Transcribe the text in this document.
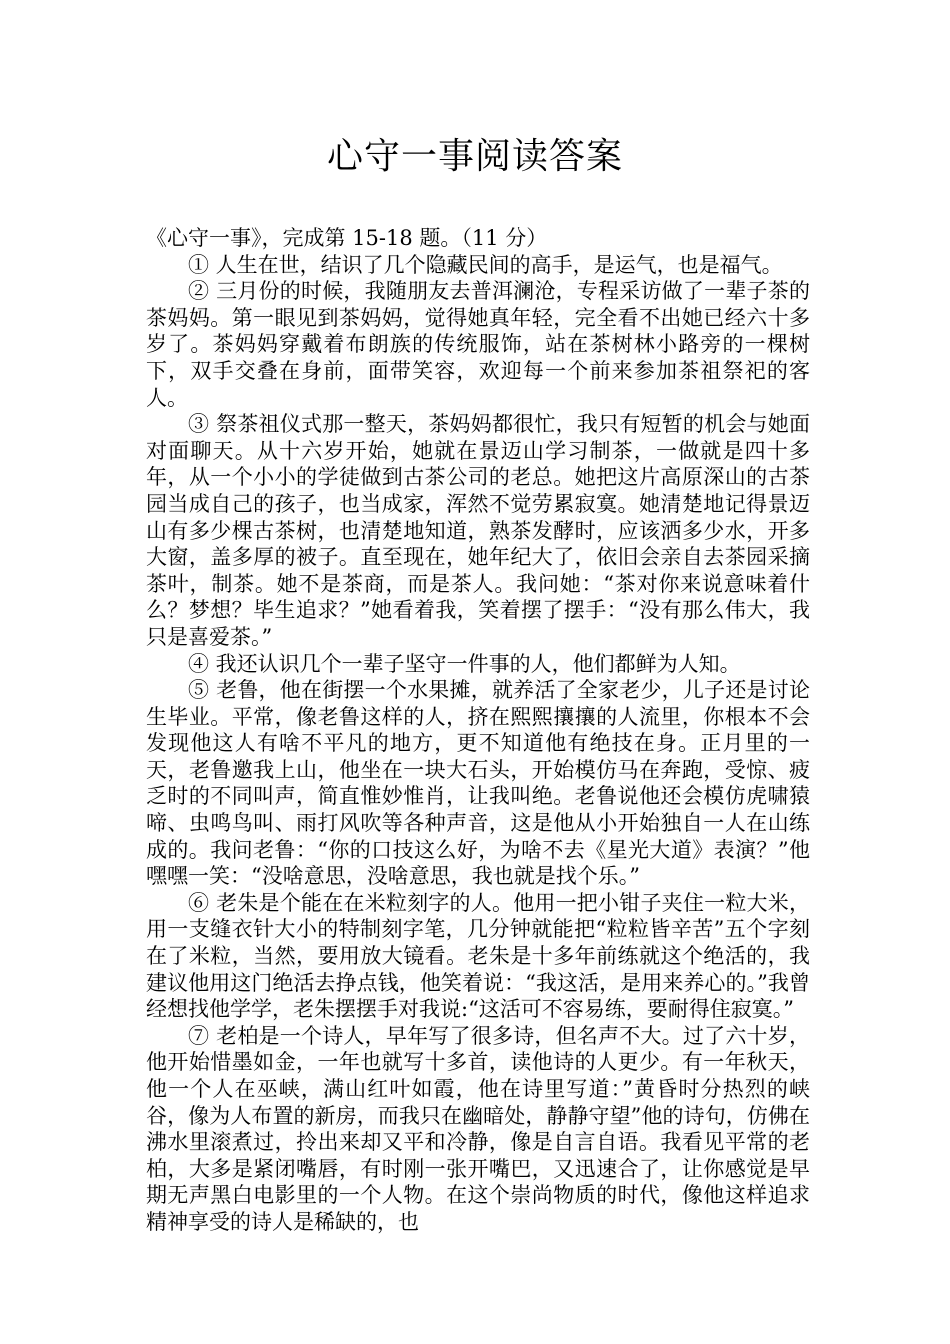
心守一事阅读答案

《心守一事》，完成第 15-18 题。（11 分）

① 人生在世，结识了几个隐藏民间的高手，是运气，也是福气。

② 三月份的时候，我随朋友去普洱澜沧，专程采访做了一辈子茶的茶妈妈。第一眼见到茶妈妈，觉得她真年轻，完全看不出她已经六十多岁了。茶妈妈穿戴着布朗族的传统服饰，站在茶树林小路旁的一棵树下，双手交叠在身前，面带笑容，欢迎每一个前来参加茶祖祭祀的客人。

③ 祭茶祖仪式那一整天，茶妈妈都很忙，我只有短暂的机会与她面对面聊天。从十六岁开始，她就在景迈山学习制茶，一做就是四十多年，从一个小小的学徒做到古茶公司的老总。她把这片高原深山的古茶园当成自己的孩子，也当成家，浑然不觉劳累寂寞。她清楚地记得景迈山有多少棵古茶树，也清楚地知道，熟茶发酵时，应该洒多少水，开多大窗，盖多厚的被子。直至现在，她年纪大了，依旧会亲自去茶园采摘茶叶，制茶。她不是茶商，而是茶人。我问她：“茶对你来说意味着什么？梦想？毕生追求？”她看着我，笑着摆了摆手：“没有那么伟大，我只是喜爱茶。”

④ 我还认识几个一辈子坚守一件事的人，他们都鲜为人知。

⑤ 老鲁，他在街摆一个水果摊，就养活了全家老少，儿子还是讨论生毕业。平常，像老鲁这样的人，挤在熙熙攘攘的人流里，你根本不会发现他这人有啥不平凡的地方，更不知道他有绝技在身。正月里的一天，老鲁邀我上山，他坐在一块大石头，开始模仿马在奔跑，受惊、疲乏时的不同叫声，简直惟妙惟肖，让我叫绝。老鲁说他还会模仿虎啸猿啼、虫鸣鸟叫、雨打风吹等各种声音，这是他从小开始独自一人在山练成的。我问老鲁：“你的口技这么好，为啥不去《星光大道》表演？”他嘿嘿一笑：“没啥意思，没啥意思，我也就是找个乐。”

⑥ 老朱是个能在在米粒刻字的人。他用一把小钳子夹住一粒大米，用一支缝衣针大小的特制刻字笔，几分钟就能把“粒粒皆辛苦”五个字刻在了米粒，当然，要用放大镜看。老朱是十多年前练就这个绝活的，我建议他用这门绝活去挣点钱，他笑着说：“我这活，是用来养心的。”我曾经想找他学学，老朱摆摆手对我说:“这活可不容易练，要耐得住寂寞。”

⑦ 老柏是一个诗人，早年写了很多诗，但名声不大。过了六十岁，他开始惜墨如金，一年也就写十多首，读他诗的人更少。有一年秋天，他一个人在巫峡，满山红叶如霞，他在诗里写道：”黄昏时分热烈的峡谷，像为人布置的新房，而我只在幽暗处，静静守望”他的诗句，仿佛在沸水里滚煮过，拎出来却又平和冷静，像是自言自语。我看见平常的老柏，大多是紧闭嘴唇，有时刚一张开嘴巴，又迅速合了，让你感觉是早期无声黑白电影里的一个人物。在这个崇尚物质的时代，像他这样追求精神享受的诗人是稀缺的，也
